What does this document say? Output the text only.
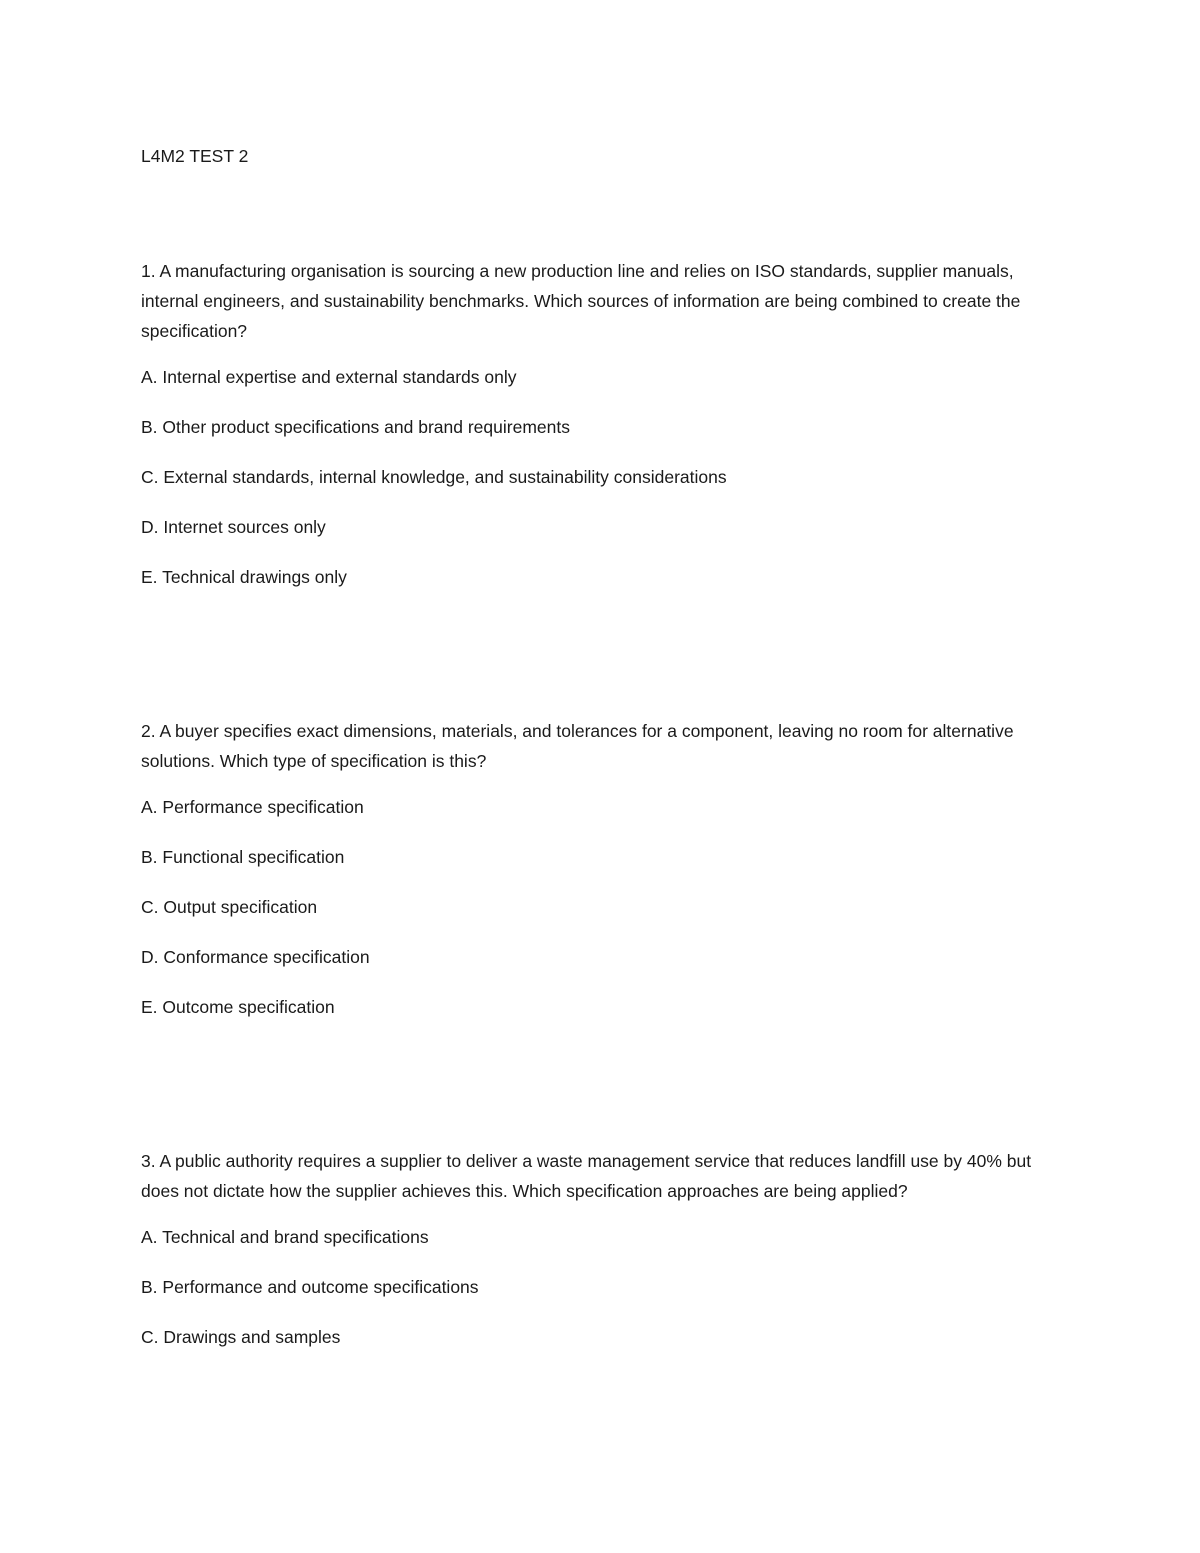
L4M2 TEST 2

1. A manufacturing organisation is sourcing a new production line and relies on ISO standards, supplier manuals, internal engineers, and sustainability benchmarks. Which sources of information are being combined to create the specification?

A. Internal expertise and external standards only

B. Other product specifications and brand requirements

C. External standards, internal knowledge, and sustainability considerations

D. Internet sources only

E. Technical drawings only

2. A buyer specifies exact dimensions, materials, and tolerances for a component, leaving no room for alternative solutions. Which type of specification is this?

A. Performance specification

B. Functional specification

C. Output specification

D. Conformance specification

E. Outcome specification

3. A public authority requires a supplier to deliver a waste management service that reduces landfill use by 40% but does not dictate how the supplier achieves this. Which specification approaches are being applied?

A. Technical and brand specifications

B. Performance and outcome specifications

C. Drawings and samples
